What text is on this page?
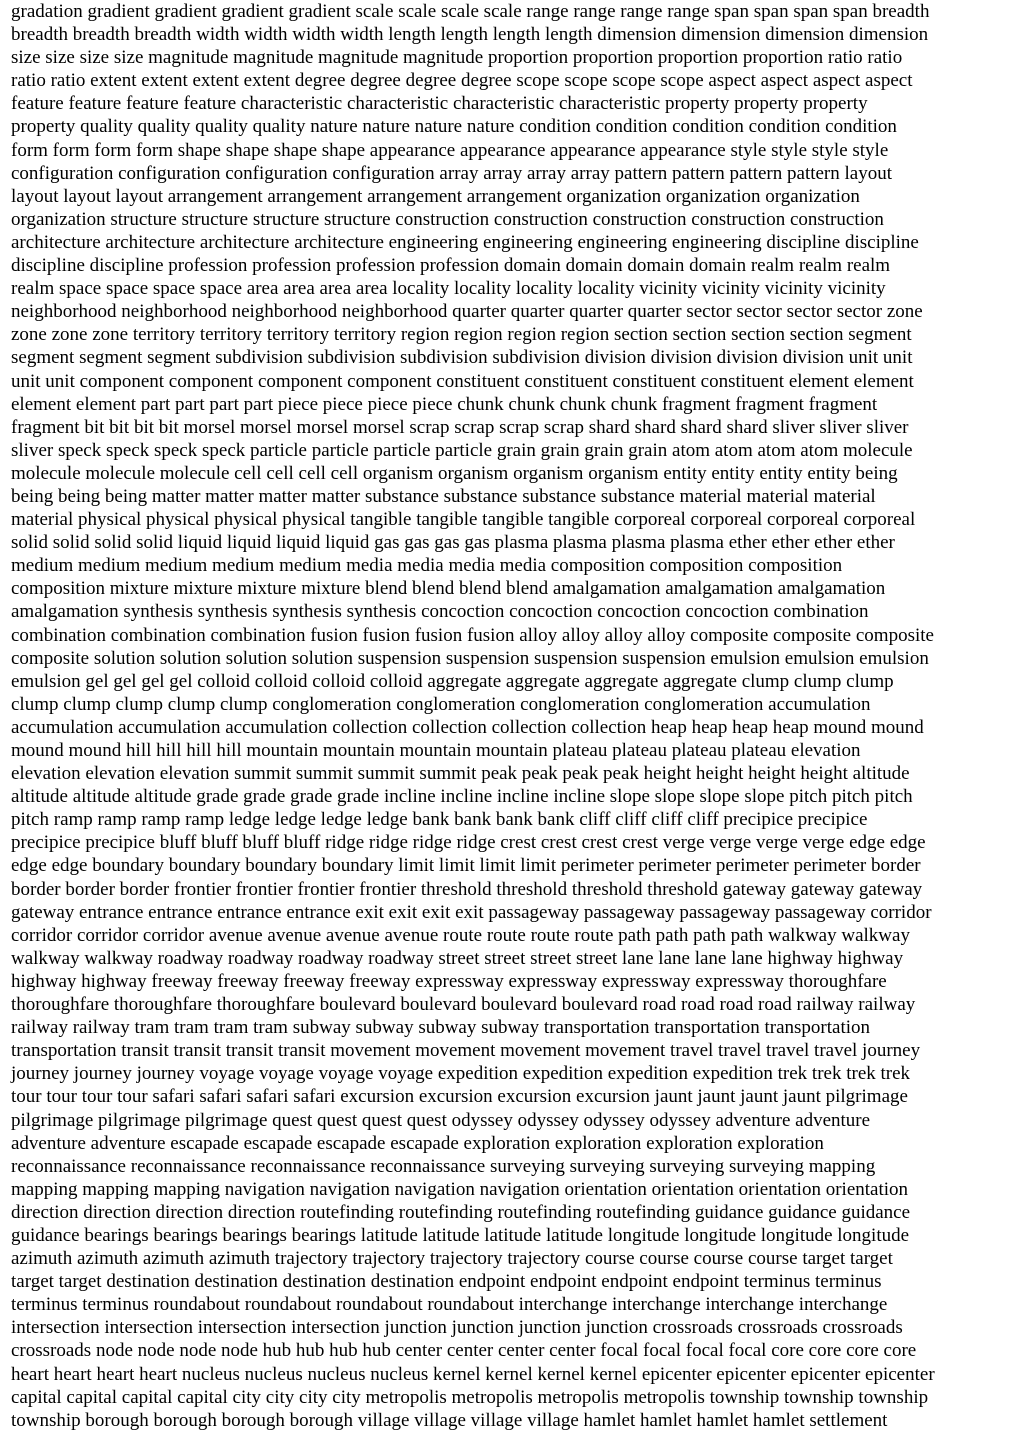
gradation gradient gradient gradient gradient scale scale scale scale range range range range span span span span breadth
breadth breadth breadth width width width width length length length length dimension dimension dimension dimension
size size size size magnitude magnitude magnitude magnitude proportion proportion proportion proportion ratio ratio
ratio ratio extent extent extent extent degree degree degree degree scope scope scope scope aspect aspect aspect aspect
feature feature feature feature characteristic characteristic characteristic characteristic property property property
property quality quality quality quality nature nature nature nature condition condition condition condition condition
form form form form shape shape shape shape appearance appearance appearance appearance style style style style
configuration configuration configuration configuration array array array array pattern pattern pattern pattern layout
layout layout layout arrangement arrangement arrangement arrangement organization organization organization
organization structure structure structure structure construction construction construction construction construction
architecture architecture architecture architecture engineering engineering engineering engineering discipline discipline
discipline discipline profession profession profession profession domain domain domain domain realm realm realm
realm space space space space area area area area locality locality locality locality vicinity vicinity vicinity vicinity
neighborhood neighborhood neighborhood neighborhood quarter quarter quarter quarter sector sector sector sector zone
zone zone zone territory territory territory territory region region region region section section section section segment
segment segment segment subdivision subdivision subdivision subdivision division division division division unit unit
unit unit component component component component constituent constituent constituent constituent element element
element element part part part part piece piece piece piece chunk chunk chunk chunk fragment fragment fragment
fragment bit bit bit bit morsel morsel morsel morsel scrap scrap scrap scrap shard shard shard shard sliver sliver sliver
sliver speck speck speck speck particle particle particle particle grain grain grain grain atom atom atom atom molecule
molecule molecule molecule cell cell cell cell organism organism organism organism entity entity entity entity being
being being being matter matter matter matter substance substance substance substance material material material
material physical physical physical physical tangible tangible tangible tangible corporeal corporeal corporeal corporeal
solid solid solid solid liquid liquid liquid liquid gas gas gas gas plasma plasma plasma plasma ether ether ether ether
medium medium medium medium medium media media media media composition composition composition
composition mixture mixture mixture mixture blend blend blend blend amalgamation amalgamation amalgamation
amalgamation synthesis synthesis synthesis synthesis concoction concoction concoction concoction combination
combination combination combination fusion fusion fusion fusion alloy alloy alloy alloy composite composite composite
composite solution solution solution solution suspension suspension suspension suspension emulsion emulsion emulsion
emulsion gel gel gel gel colloid colloid colloid colloid aggregate aggregate aggregate aggregate clump clump clump
clump clump clump clump clump conglomeration conglomeration conglomeration conglomeration accumulation
accumulation accumulation accumulation collection collection collection collection heap heap heap heap mound mound
mound mound hill hill hill hill mountain mountain mountain mountain plateau plateau plateau plateau elevation
elevation elevation elevation summit summit summit summit peak peak peak peak height height height height altitude
altitude altitude altitude grade grade grade grade incline incline incline incline slope slope slope slope pitch pitch pitch
pitch ramp ramp ramp ramp ledge ledge ledge ledge bank bank bank bank cliff cliff cliff cliff precipice precipice
precipice precipice bluff bluff bluff bluff ridge ridge ridge ridge crest crest crest crest verge verge verge verge edge edge
edge edge boundary boundary boundary boundary limit limit limit limit perimeter perimeter perimeter perimeter border
border border border frontier frontier frontier frontier threshold threshold threshold threshold gateway gateway gateway
gateway entrance entrance entrance entrance exit exit exit exit passageway passageway passageway passageway corridor
corridor corridor corridor avenue avenue avenue avenue route route route route path path path path walkway walkway
walkway walkway roadway roadway roadway roadway street street street street lane lane lane lane highway highway
highway highway freeway freeway freeway freeway expressway expressway expressway expressway thoroughfare
thoroughfare thoroughfare thoroughfare boulevard boulevard boulevard boulevard road road road road railway railway
railway railway tram tram tram tram subway subway subway subway transportation transportation transportation
transportation transit transit transit transit movement movement movement movement travel travel travel travel journey
journey journey journey voyage voyage voyage voyage expedition expedition expedition expedition trek trek trek trek
tour tour tour tour safari safari safari safari excursion excursion excursion excursion jaunt jaunt jaunt jaunt pilgrimage
pilgrimage pilgrimage pilgrimage quest quest quest quest odyssey odyssey odyssey odyssey adventure adventure
adventure adventure escapade escapade escapade escapade exploration exploration exploration exploration
reconnaissance reconnaissance reconnaissance reconnaissance surveying surveying surveying surveying mapping
mapping mapping mapping navigation navigation navigation navigation orientation orientation orientation orientation
direction direction direction direction routefinding routefinding routefinding routefinding guidance guidance guidance
guidance bearings bearings bearings bearings latitude latitude latitude latitude longitude longitude longitude longitude
azimuth azimuth azimuth azimuth trajectory trajectory trajectory trajectory course course course course target target
target target destination destination destination destination endpoint endpoint endpoint endpoint terminus terminus
terminus terminus roundabout roundabout roundabout roundabout interchange interchange interchange interchange
intersection intersection intersection intersection junction junction junction junction crossroads crossroads crossroads
crossroads node node node node hub hub hub hub center center center center focal focal focal focal core core core core
heart heart heart heart nucleus nucleus nucleus nucleus kernel kernel kernel kernel epicenter epicenter epicenter epicenter
capital capital capital capital city city city city metropolis metropolis metropolis metropolis township township township
township borough borough borough borough village village village village hamlet hamlet hamlet hamlet settlement
